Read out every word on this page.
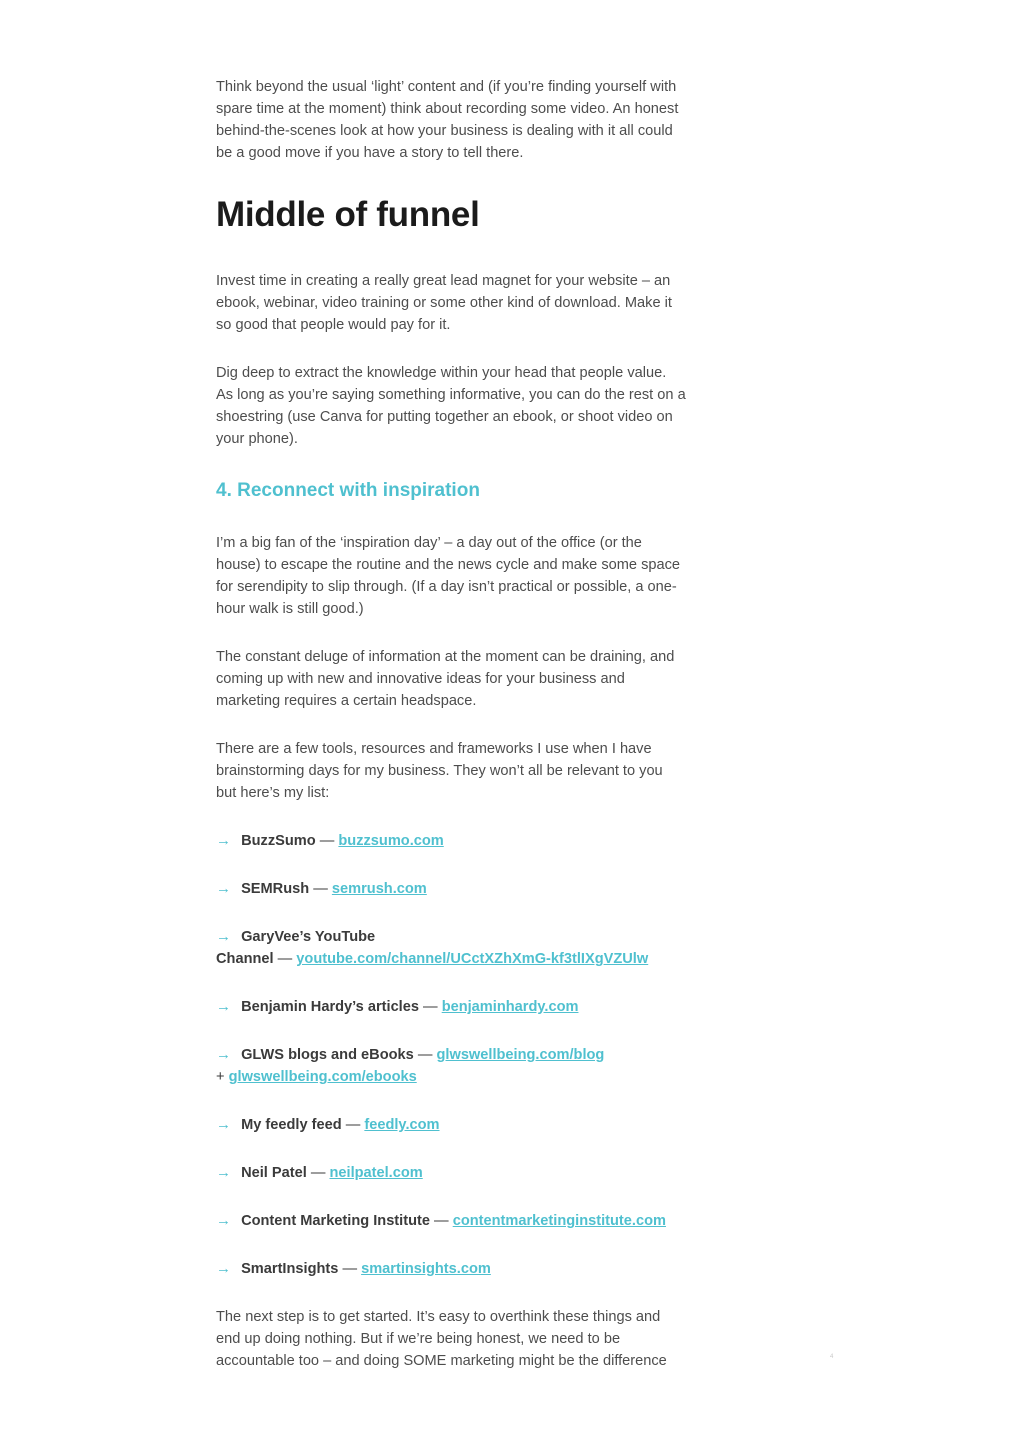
Think beyond the usual ‘light’ content and (if you’re finding yourself with spare time at the moment) think about recording some video. An honest behind-the-scenes look at how your business is dealing with it all could be a good move if you have a story to tell there.

Middle of funnel

Invest time in creating a really great lead magnet for your website – an ebook, webinar, video training or some other kind of download. Make it so good that people would pay for it.

Dig deep to extract the knowledge within your head that people value. As long as you’re saying something informative, you can do the rest on a shoestring (use Canva for putting together an ebook, or shoot video on your phone).

4. Reconnect with inspiration

I’m a big fan of the ‘inspiration day’ – a day out of the office (or the house) to escape the routine and the news cycle and make some space for serendipity to slip through. (If a day isn’t practical or possible, a one-hour walk is still good.)

The constant deluge of information at the moment can be draining, and coming up with new and innovative ideas for your business and marketing requires a certain headspace.

There are a few tools, resources and frameworks I use when I have brainstorming days for my business. They won’t all be relevant to you but here’s my list:

→ BuzzSumo — buzzsumo.com
→ SEMRush — semrush.com
→ GaryVee’s YouTube
Channel — youtube.com/channel/UCctXZhXmG-kf3tlIXgVZUlw
→ Benjamin Hardy’s articles — benjaminhardy.com
→ GLWS blogs and eBooks — glwswellbeing.com/blog
+ glwswellbeing.com/ebooks
→ My feedly feed — feedly.com
→ Neil Patel — neilpatel.com
→ Content Marketing Institute — contentmarketinginstitute.com
→ SmartInsights — smartinsights.com

The next step is to get started. It’s easy to overthink these things and end up doing nothing. But if we’re being honest, we need to be accountable too – and doing SOME marketing might be the difference	4
